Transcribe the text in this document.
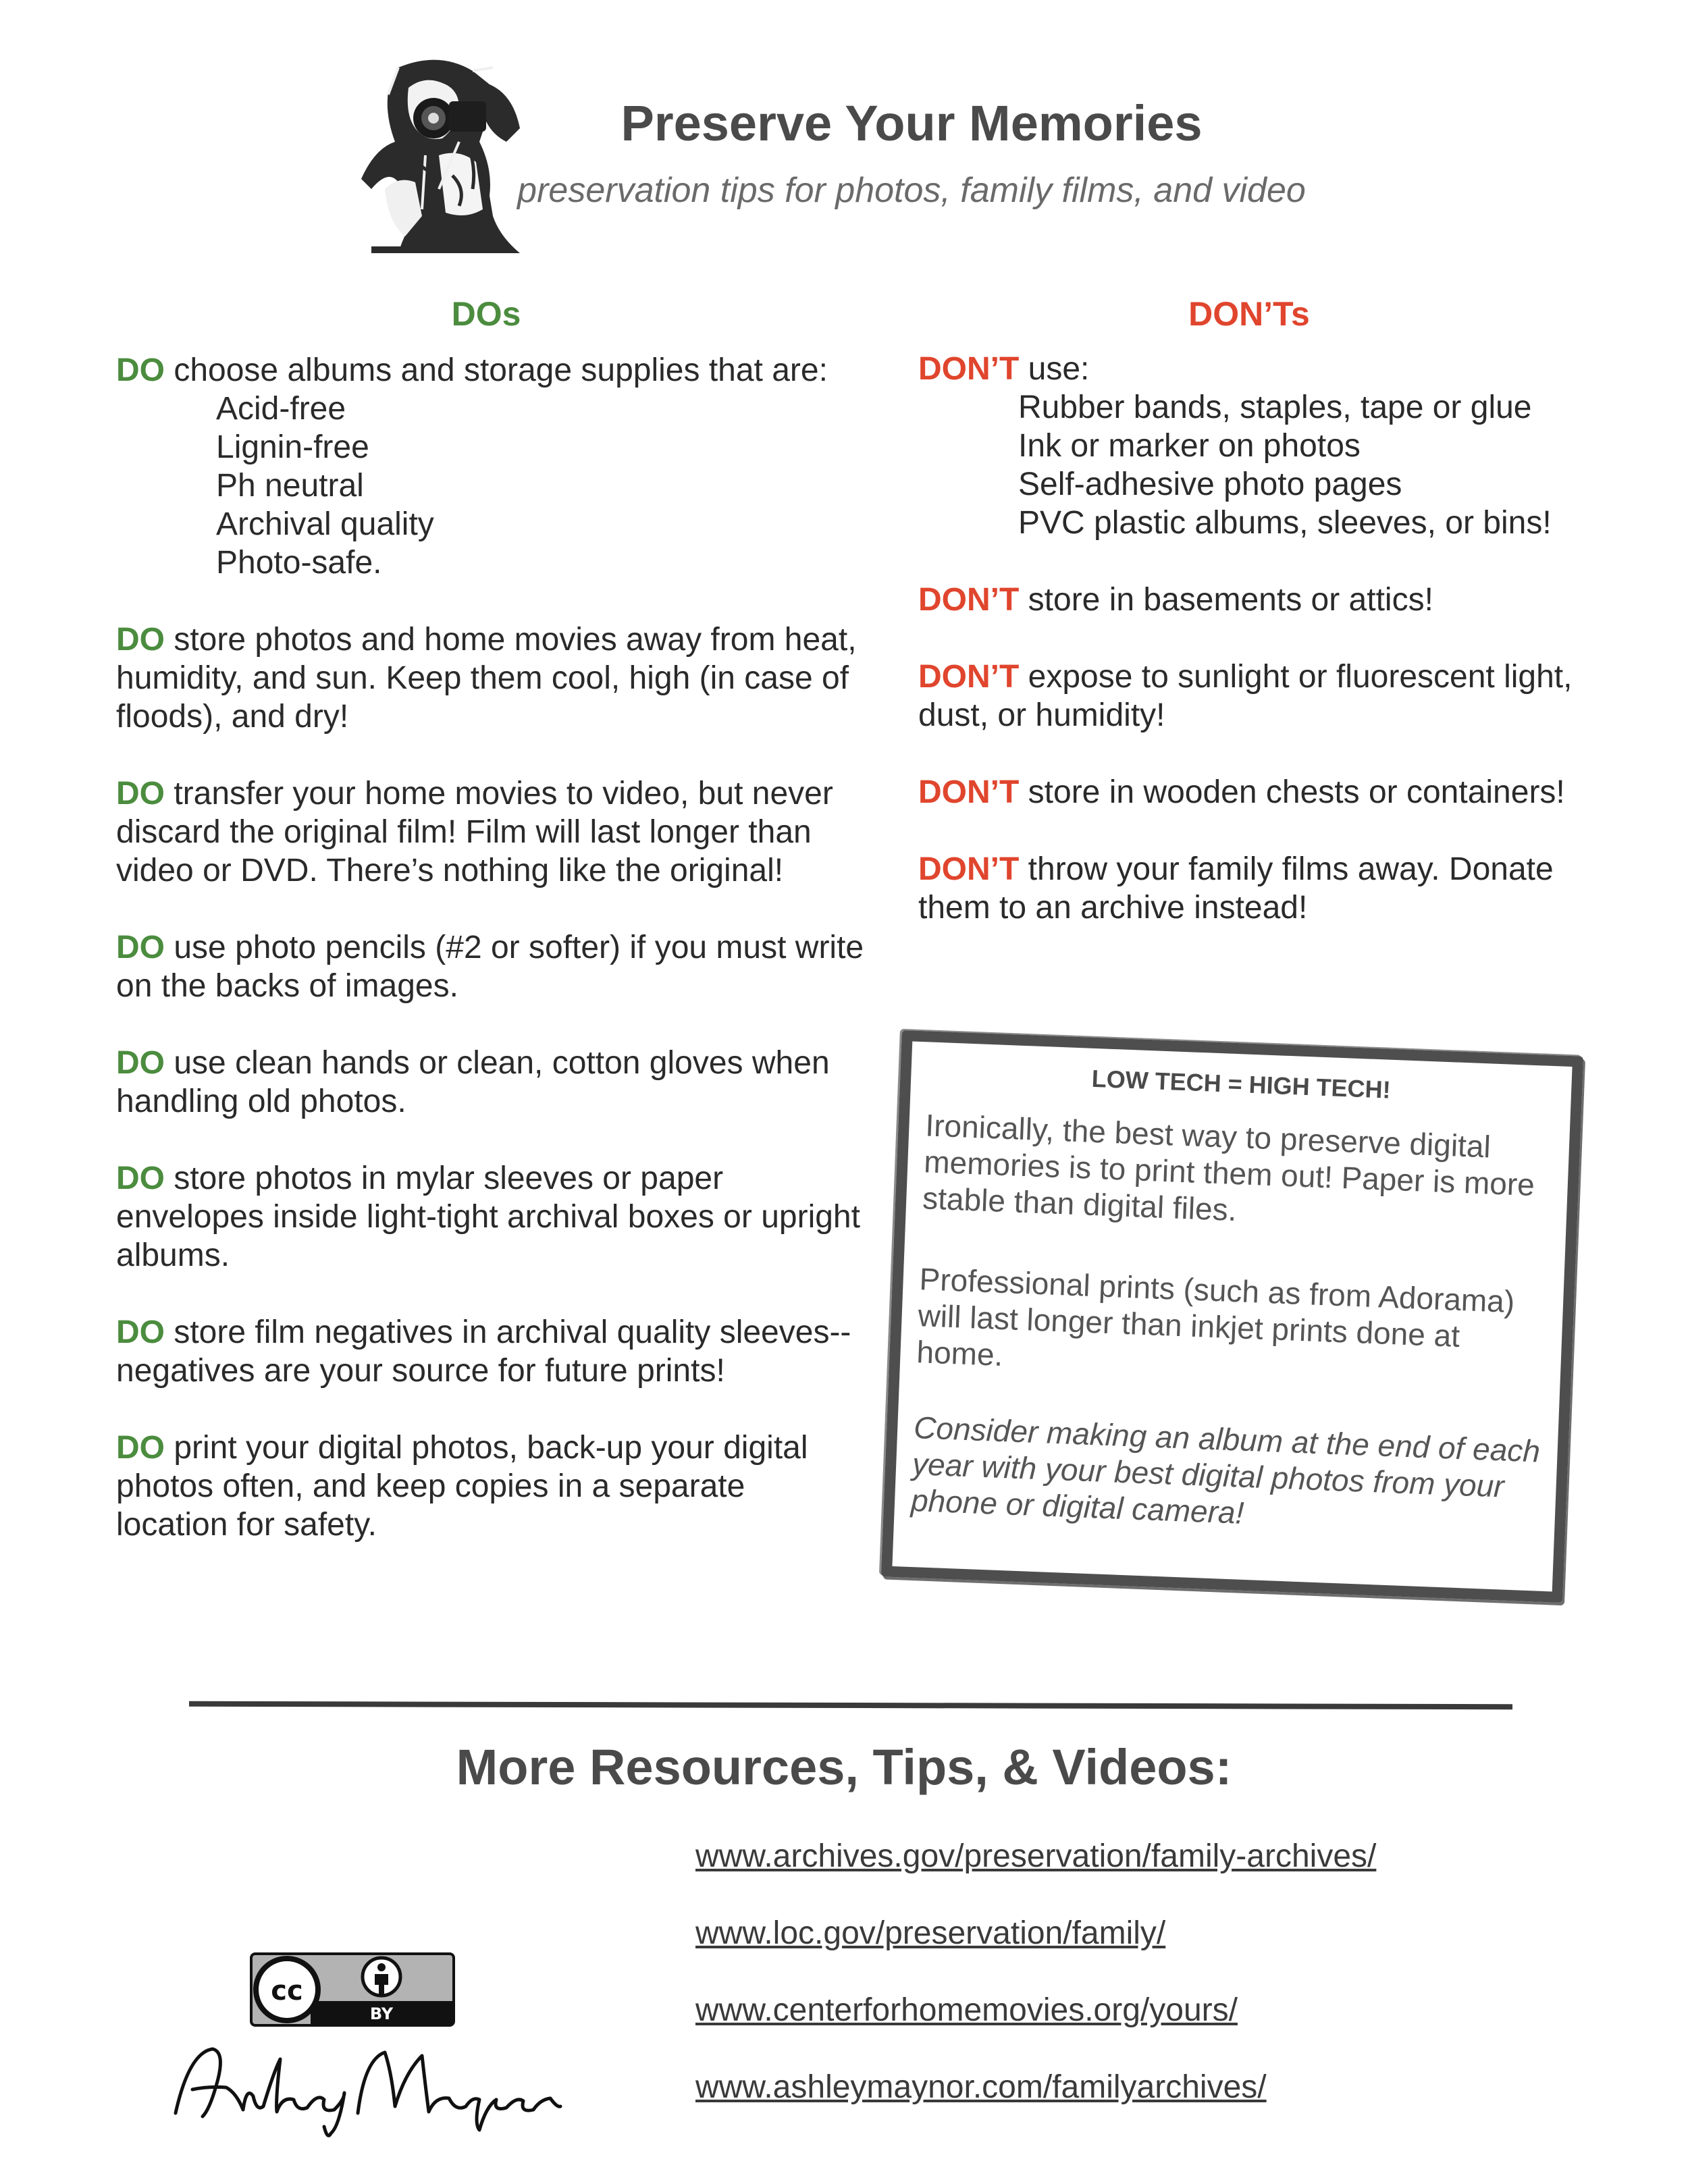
Preserve Your Memories
preservation tips for photos, family films, and video
DOs	DON’Ts
DO choose albums and storage supplies that are:
Acid-free
Lignin-free
Ph neutral
Archival quality
Photo-safe.
DO store photos and home movies away from heat, humidity, and sun. Keep them cool, high (in case of floods), and dry!
DO transfer your home movies to video, but never discard the original film! Film will last longer than video or DVD. There’s nothing like the original!
DO use photo pencils (#2 or softer) if you must write on the backs of images.
DO use clean hands or clean, cotton gloves when handling old photos.
DO store photos in mylar sleeves or paper envelopes inside light-tight archival boxes or upright albums.
DO store film negatives in archival quality sleeves--negatives are your source for future prints!
DO print your digital photos, back-up your digital photos often, and keep copies in a separate location for safety.
DON’T use:
Rubber bands, staples, tape or glue
Ink or marker on photos
Self-adhesive photo pages
PVC plastic albums, sleeves, or bins!
DON’T store in basements or attics!
DON’T expose to sunlight or fluorescent light, dust, or humidity!
DON’T store in wooden chests or containers!
DON’T throw your family films away. Donate them to an archive instead!
LOW TECH = HIGH TECH!
Ironically, the best way to preserve digital memories is to print them out! Paper is more stable than digital files.
Professional prints (such as from Adorama) will last longer than inkjet prints done at home.
Consider making an album at the end of each year with your best digital photos from your phone or digital camera!
More Resources, Tips, & Videos:
www.archives.gov/preservation/family-archives/
www.loc.gov/preservation/family/
www.centerforhomemovies.org/yours/
www.ashleymaynor.com/familyarchives/
cc
BY
